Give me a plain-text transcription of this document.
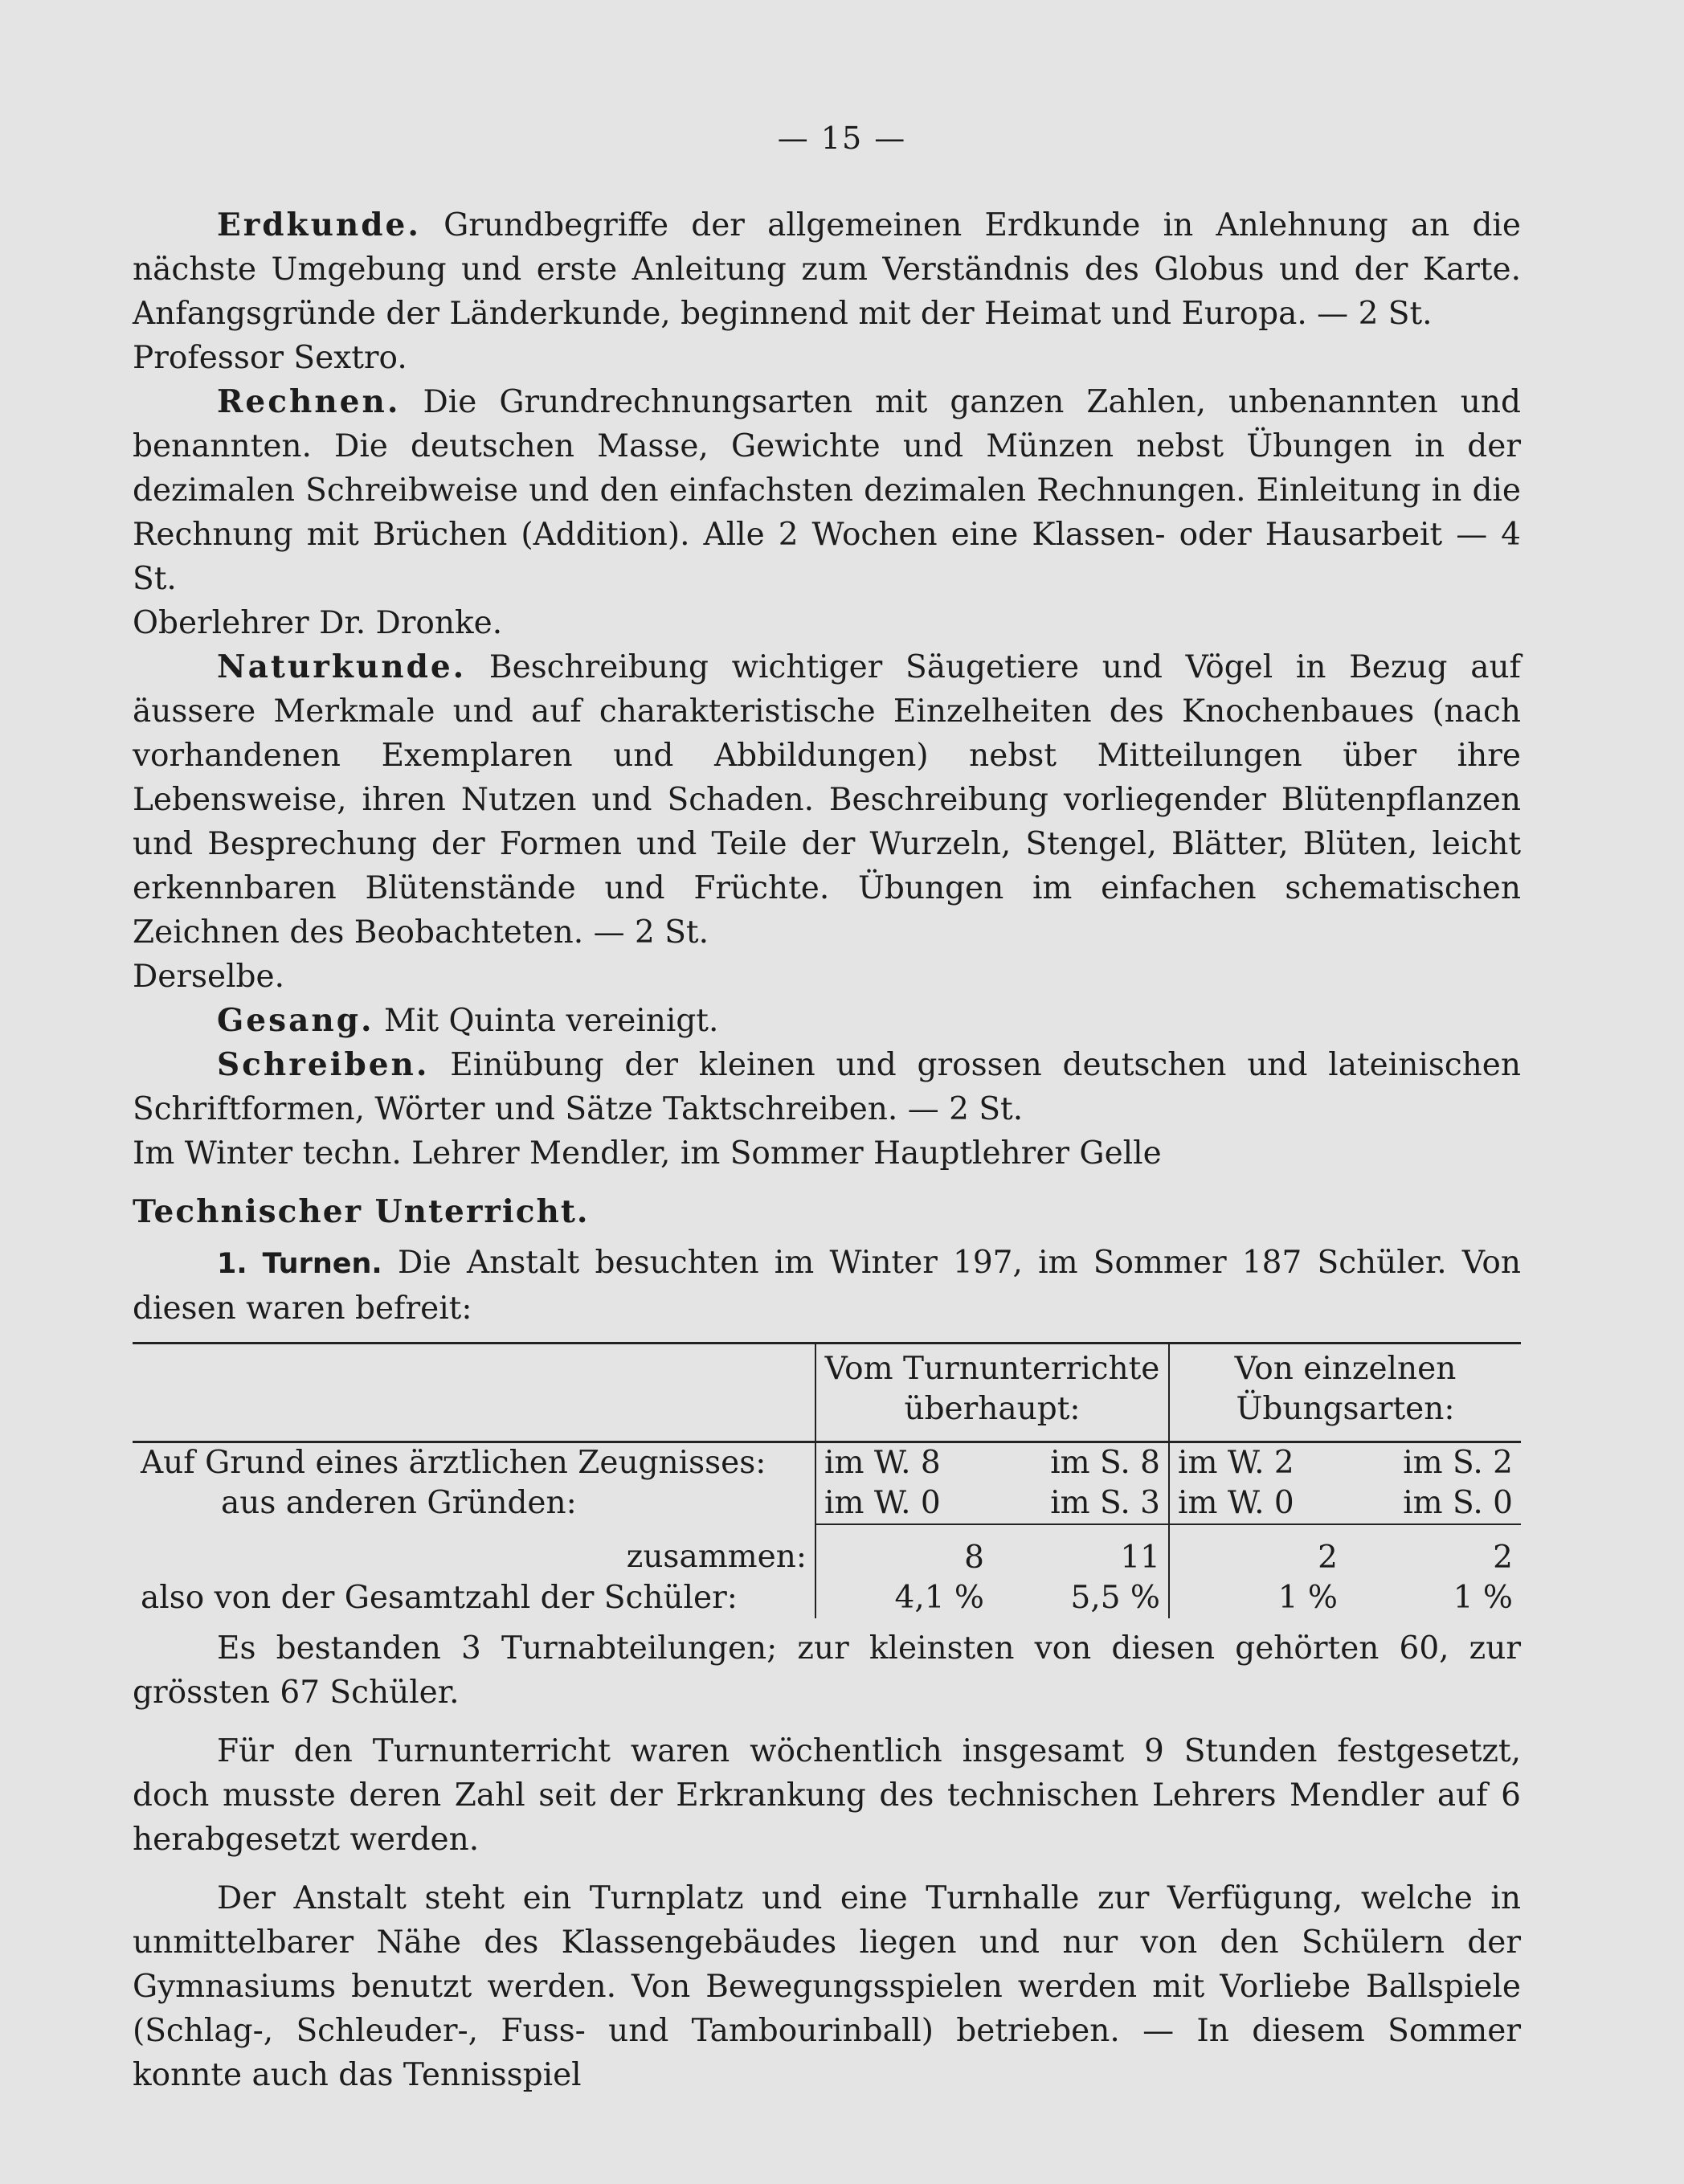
— 15 —

Erdkunde. Grundbegriffe der allgemeinen Erdkunde in Anlehnung an die nächste Umgebung und erste Anleitung zum Verständnis des Globus und der Karte. Anfangsgründe der Länderkunde, beginnend mit der Heimat und Europa. — 2 St.

Professor Sextro.

Rechnen. Die Grundrechnungsarten mit ganzen Zahlen, unbenannten und benannten. Die deutschen Masse, Gewichte und Münzen nebst Übungen in der dezimalen Schreibweise und den einfachsten dezimalen Rechnungen. Einleitung in die Rechnung mit Brüchen (Addition). Alle 2 Wochen eine Klassen- oder Hausarbeit — 4 St.

Oberlehrer Dr. Dronke.

Naturkunde. Beschreibung wichtiger Säugetiere und Vögel in Bezug auf äussere Merkmale und auf charakteristische Einzelheiten des Knochenbaues (nach vorhandenen Exemplaren und Abbildungen) nebst Mitteilungen über ihre Lebensweise, ihren Nutzen und Schaden. Beschreibung vorliegender Blütenpflanzen und Besprechung der Formen und Teile der Wurzeln, Stengel, Blätter, Blüten, leicht erkennbaren Blütenstände und Früchte. Übungen im einfachen schematischen Zeichnen des Beobachteten. — 2 St.

Derselbe.

Gesang. Mit Quinta vereinigt.

Schreiben. Einübung der kleinen und grossen deutschen und lateinischen Schriftformen, Wörter und Sätze Taktschreiben. — 2 St.

Im Winter techn. Lehrer Mendler, im Sommer Hauptlehrer Gelle

Technischer Unterricht.

1. Turnen. Die Anstalt besuchten im Winter 197, im Sommer 187 Schüler. Von diesen waren befreit:

	Vom Turnunterrichte überhaupt:		Von einzelnen Übungsarten:	
Auf Grund eines ärztlichen Zeugnisses:	im W. 8	im S. 8	im W. 2	im S. 2
aus anderen Gründen:	im W. 0	im S. 3	im W. 0	im S. 0
zusammen:	8	11	2	2
also von der Gesamtzahl der Schüler:	4,1 %	5,5 %	1 %	1 %

Es bestanden 3 Turnabteilungen; zur kleinsten von diesen gehörten 60, zur grössten 67 Schüler.

Für den Turnunterricht waren wöchentlich insgesamt 9 Stunden festgesetzt, doch musste deren Zahl seit der Erkrankung des technischen Lehrers Mendler auf 6 herabgesetzt werden.

Der Anstalt steht ein Turnplatz und eine Turnhalle zur Verfügung, welche in unmittelbarer Nähe des Klassengebäudes liegen und nur von den Schülern der Gymnasiums benutzt werden. Von Bewegungsspielen werden mit Vorliebe Ballspiele (Schlag-, Schleuder-, Fuss- und Tambourinball) betrieben. — In diesem Sommer konnte auch das Tennisspiel
